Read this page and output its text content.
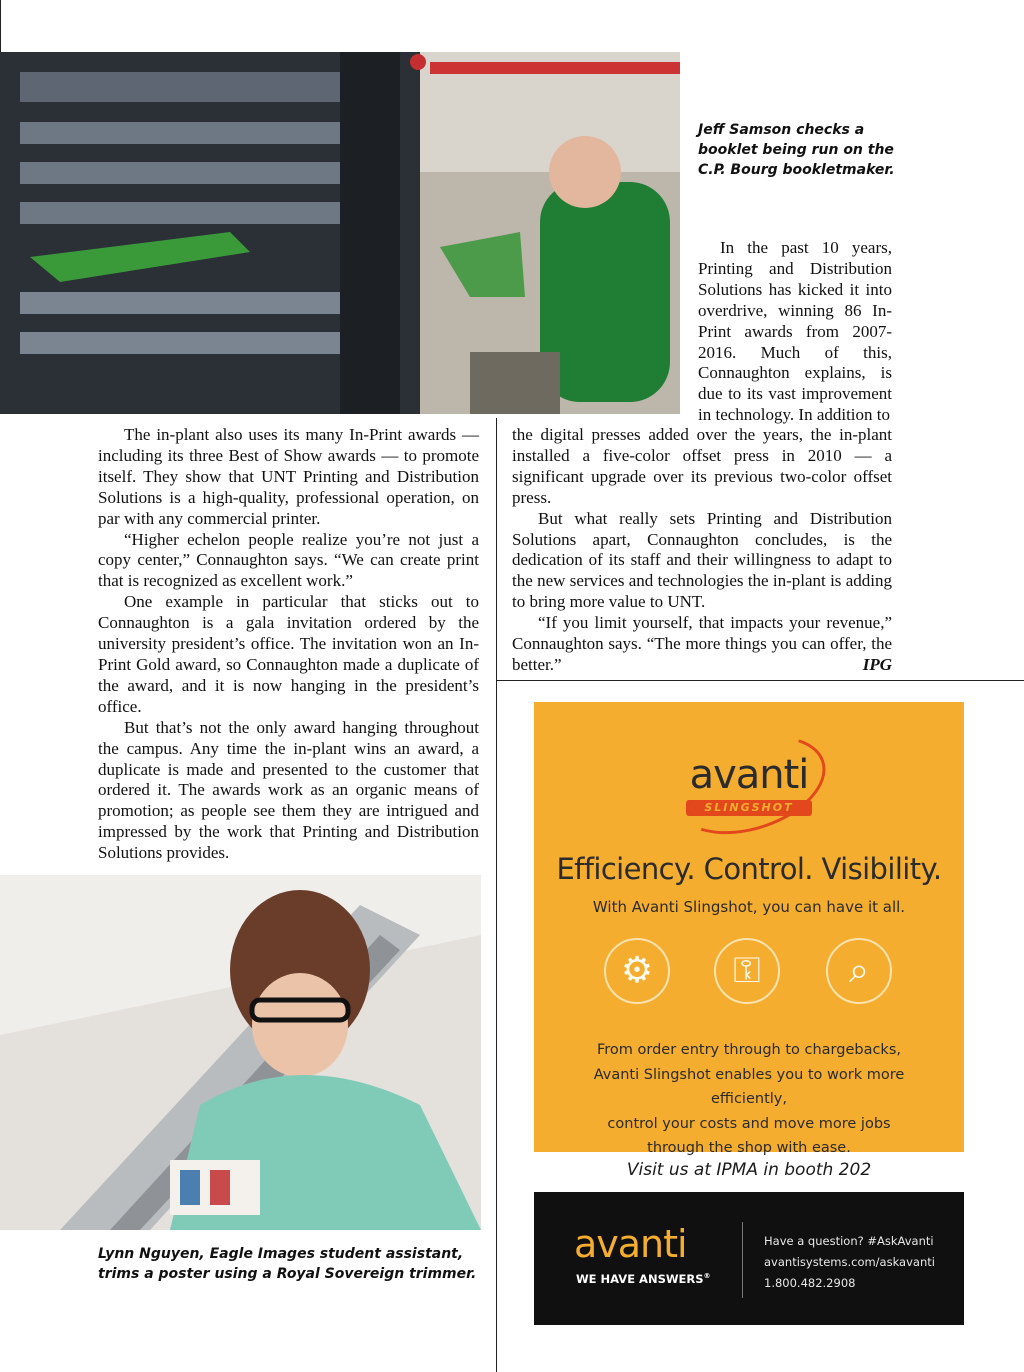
Jeff Samson checks a booklet being run on the C.P. Bourg bookletmaker.

In the past 10 years, Printing and Distribution Solutions has kicked it into overdrive, winning 86 In-Print awards from 2007-2016. Much of this, Connaughton explains, is due to its vast improvement in technology. In addition to

the digital presses added over the years, the in-plant installed a five-color offset press in 2010 — a significant upgrade over its previous two-color offset press.

But what really sets Printing and Distribution Solutions apart, Connaughton concludes, is the dedication of its staff and their willingness to adapt to the new services and technologies the in-plant is adding to bring more value to UNT.

“If you limit yourself, that impacts your revenue,” Connaughton says. “The more things you can offer, the better.”	IPG

The in-plant also uses its many In-Print awards — including its three Best of Show awards — to promote itself. They show that UNT Printing and Distribution Solutions is a high-quality, professional operation, on par with any commercial printer.

“Higher echelon people realize you’re not just a copy center,” Connaughton says. “We can create print that is recognized as excellent work.”

One example in particular that sticks out to Connaughton is a gala invitation ordered by the university president’s office. The invitation won an In-Print Gold award, so Connaughton made a duplicate of the award, and it is now hanging in the president’s office.

But that’s not the only award hanging throughout the campus. Any time the in-plant wins an award, a duplicate is made and presented to the customer that ordered it. The awards work as an organic means of promotion; as people see them they are intrigued and impressed by the work that Printing and Distribution Solutions provides.

Lynn Nguyen, Eagle Images student assistant, trims a poster using a Royal Sovereign trimmer.
avanti
SLINGSHOT
Efficiency. Control. Visibility.
With Avanti Slingshot, you can have it all.
⚙	⚿	⌕
From order entry through to chargebacks,
Avanti Slingshot enables you to work more efficiently,
control your costs and move more jobs
through the shop with ease.
Visit us at IPMA in booth 202
avanti
WE HAVE ANSWERS®
Have a question? #AskAvanti
avantisystems.com/askavanti
1.800.482.2908
